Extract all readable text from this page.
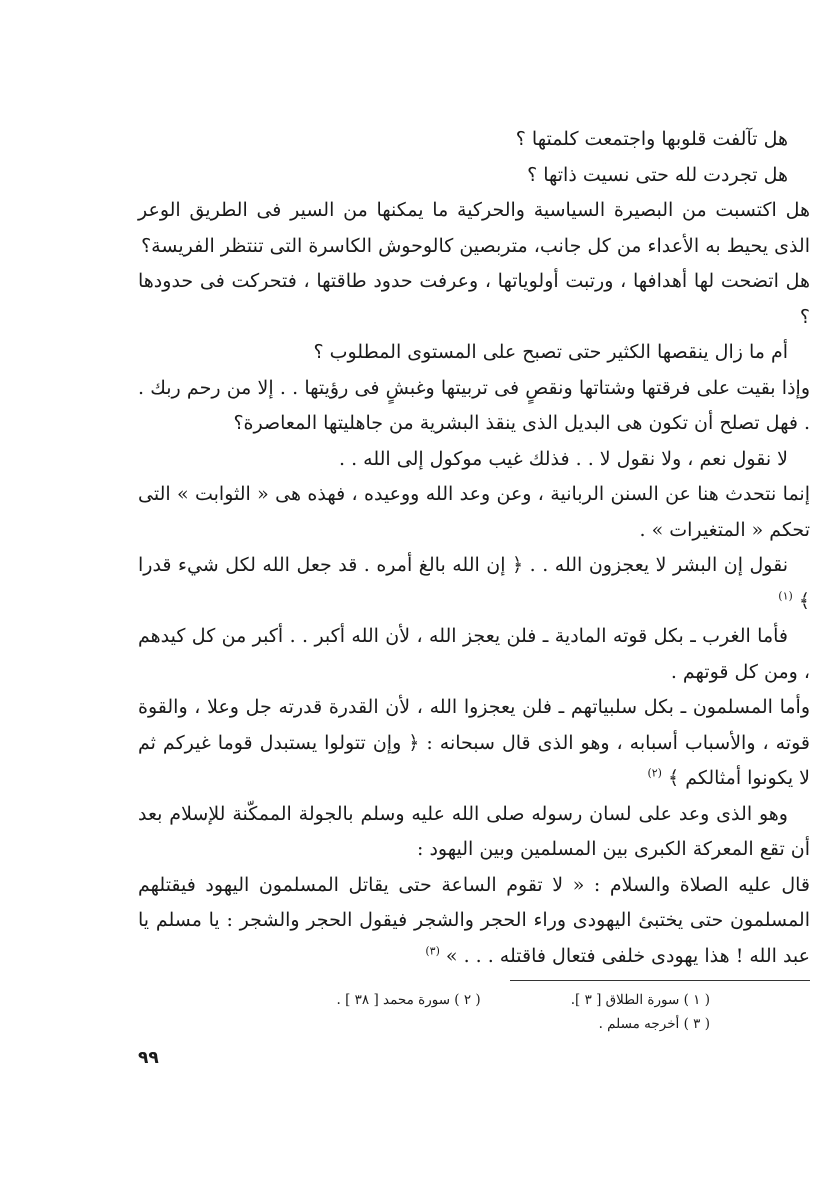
هل تآلفت قلوبها واجتمعت كلمتها ؟

هل تجردت لله حتى نسيت ذاتها ؟

هل اكتسبت من البصيرة السياسية والحركية ما يمكنها من السير فى الطريق الوعر الذى يحيط به الأعداء من كل جانب، متربصين كالوحوش الكاسرة التى تنتظر الفريسة؟

هل اتضحت لها أهدافها ، ورتبت أولوياتها ، وعرفت حدود طاقتها ، فتحركت فى حدودها ؟

أم ما زال ينقصها الكثير حتى تصبح على المستوى المطلوب ؟

وإذا بقيت على فرقتها وشتاتها ونقصٍ فى تربيتها وغبشٍ فى رؤيتها . . إلا من رحم ربك . . فهل تصلح أن تكون هى البديل الذى ينقذ البشرية من جاهليتها المعاصرة؟

لا نقول نعم ، ولا نقول لا . . فذلك غيب موكول إلى الله . .

إنما نتحدث هنا عن السنن الربانية ، وعن وعد الله ووعيده ، فهذه هى « الثوابت » التى تحكم « المتغيرات » .

نقول إن البشر لا يعجزون الله . . ﴿ إن الله بالغ أمره . قد جعل الله لكل شيء قدرا ﴾ $^{(١)}$

فأما الغرب ـ بكل قوته المادية ـ فلن يعجز الله ، لأن الله أكبر . . أكبر من كل كيدهم ، ومن كل قوتهم .

وأما المسلمون ـ بكل سلبياتهم ـ فلن يعجزوا الله ، لأن القدرة قدرته جل وعلا ، والقوة قوته ، والأسباب أسبابه ، وهو الذى قال سبحانه : ﴿ وإن تتولوا يستبدل قوما غيركم ثم لا يكونوا أمثالكم ﴾ $^{(٢)}$

وهو الذى وعد على لسان رسوله صلى الله عليه وسلم بالجولة الممكّنة للإسلام بعد أن تقع المعركة الكبرى بين المسلمين وبين اليهود :

قال عليه الصلاة والسلام : « لا تقوم الساعة حتى يقاتل المسلمون اليهود فيقتلهم المسلمون حتى يختبئ اليهودى وراء الحجر والشجر فيقول الحجر والشجر : يا مسلم يا عبد الله ! هذا يهودى خلفى فتعال فاقتله . . . » $^{(٣)}$

( ١ ) سورة الطلاق [ ٣ ].
( ٢ ) سورة محمد [ ٣٨ ] .
( ٣ ) أخرجه مسلم .
٩٩
